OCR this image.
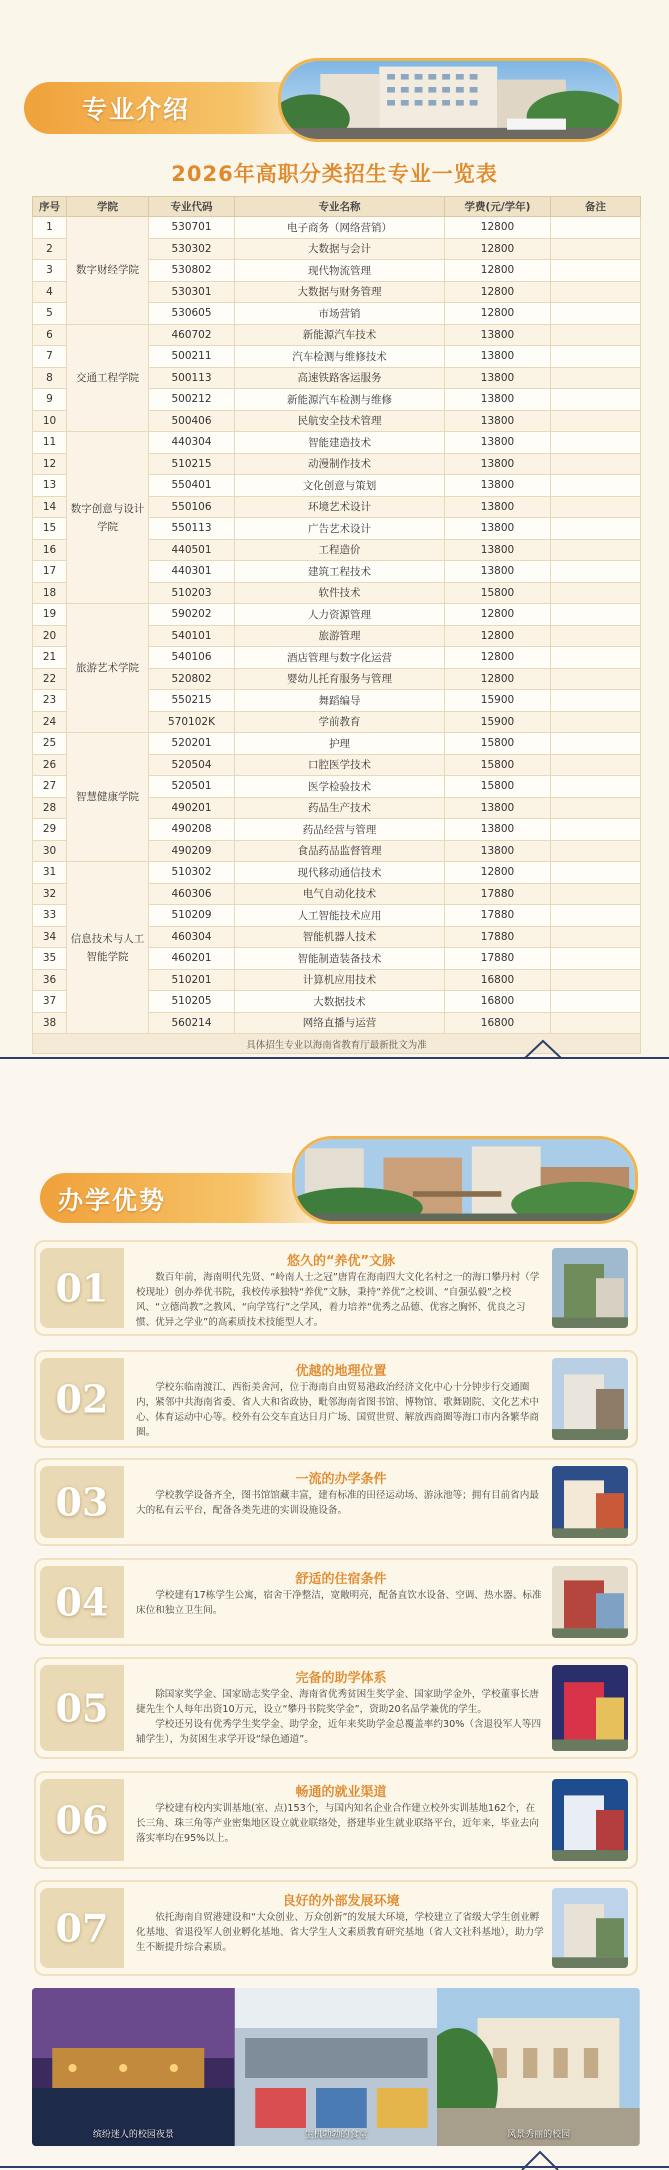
专业介绍
2026年高职分类招生专业一览表
序号	学院	专业代码	专业名称	学费(元/学年)	备注
1	数字财经学院	530701	电子商务（网络营销）	12800	
2		530302	大数据与会计	12800	
3		530802	现代物流管理	12800	
4		530301	大数据与财务管理	12800	
5		530605	市场营销	12800	
6	交通工程学院	460702	新能源汽车技术	13800	
7		500211	汽车检测与维修技术	13800	
8		500113	高速铁路客运服务	13800	
9		500212	新能源汽车检测与维修	13800	
10		500406	民航安全技术管理	13800	
11	数字创意与设计学院	440304	智能建造技术	13800	
12		510215	动漫制作技术	13800	
13		550401	文化创意与策划	13800	
14		550106	环境艺术设计	13800	
15		550113	广告艺术设计	13800	
16		440501	工程造价	13800	
17		440301	建筑工程技术	13800	
18		510203	软件技术	15800	
19	旅游艺术学院	590202	人力资源管理	12800	
20		540101	旅游管理	12800	
21		540106	酒店管理与数字化运营	12800	
22		520802	婴幼儿托育服务与管理	12800	
23		550215	舞蹈编导	15900	
24		570102K	学前教育	15900	
25	智慧健康学院	520201	护理	15800	
26		520504	口腔医学技术	15800	
27		520501	医学检验技术	15800	
28		490201	药品生产技术	13800	
29		490208	药品经营与管理	13800	
30		490209	食品药品监督管理	13800	
31	信息技术与人工智能学院	510302	现代移动通信技术	12800	
32		460306	电气自动化技术	17880	
33		510209	人工智能技术应用	17880	
34		460304	智能机器人技术	17880	
35		460201	智能制造装备技术	17880	
36		510201	计算机应用技术	16800	
37		510205	大数据技术	16800	
38		560214	网络直播与运营	16800	
具体招生专业以海南省教育厅最新批文为准					
办学优势
01
悠久的“养优”文脉

数百年前，海南明代先贤、“岭南人士之冠”唐胄在海南四大文化名村之一的海口攀丹村（学校现址）创办养优书院，我校传承独特“养优”文脉，秉持“养优”之校训、“自强弘毅”之校风、“立德尚教”之教风、“向学笃行”之学风，着力培养“优秀之品德、优容之胸怀、优良之习惯、优异之学业”的高素质技术技能型人才。

02
优越的地理位置

学校东临南渡江、西衔美舍河，位于海南自由贸易港政治经济文化中心十分钟步行交通圈内，紧邻中共海南省委、省人大和省政协，毗邻海南省图书馆、博物馆、歌舞剧院、文化艺术中心、体育运动中心等。校外有公交车直达日月广场、国贸世贸、解放西商圈等海口市内各繁华商圈。

03	一流的办学条件

学校教学设备齐全，图书馆馆藏丰富，建有标准的田径运动场、游泳池等；拥有目前省内最大的私有云平台，配备各类先进的实训设施设备。

04	舒适的住宿条件

学校建有17栋学生公寓，宿舍干净整洁，宽敞明亮，配备直饮水设备、空调、热水器、标准床位和独立卫生间。

05
完备的助学体系

除国家奖学金、国家励志奖学金、海南省优秀贫困生奖学金、国家助学金外，学校董事长唐捷先生个人每年出资10万元，设立“攀丹书院奖学金”，资助20名品学兼优的学生。

学校还另设有优秀学生奖学金、助学金，近年来奖助学金总覆盖率约30%（含退役军人等四辅学生），为贫困生求学开设“绿色通道”。

06
畅通的就业渠道

学校建有校内实训基地(室、点)153个，与国内知名企业合作建立校外实训基地162个，在长三角、珠三角等产业密集地区设立就业联络处，搭建毕业生就业联络平台，近年来，毕业去向落实率均在95%以上。

07
良好的外部发展环境

依托海南自贸港建设和“大众创业、万众创新”的发展大环境，学校建立了省级大学生创业孵化基地、省退役军人创业孵化基地、省大学生人文素质教育研究基地（省人文社科基地），助力学生不断提升综合素质。

缤纷迷人的校园夜景	生机勃勃的食堂	风景秀丽的校园
